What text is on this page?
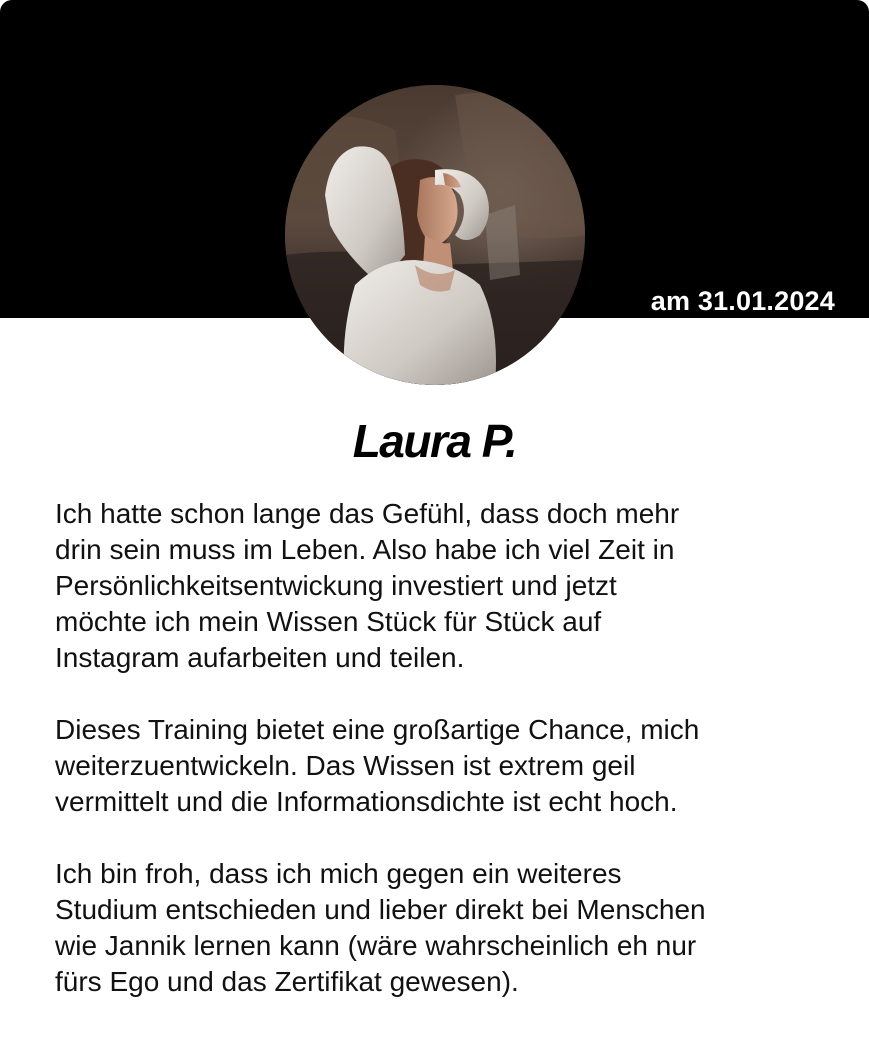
am 31.01.2024
Laura P.

Ich hatte schon lange das Gefühl, dass doch mehr
drin sein muss im Leben. Also habe ich viel Zeit in
Persönlichkeitsentwickung investiert und jetzt
möchte ich mein Wissen Stück für Stück auf
Instagram aufarbeiten und teilen.

Dieses Training bietet eine großartige Chance, mich
weiterzuentwickeln. Das Wissen ist extrem geil
vermittelt und die Informationsdichte ist echt hoch.

Ich bin froh, dass ich mich gegen ein weiteres
Studium entschieden und lieber direkt bei Menschen
wie Jannik lernen kann (wäre wahrscheinlich eh nur
fürs Ego und das Zertifikat gewesen).
